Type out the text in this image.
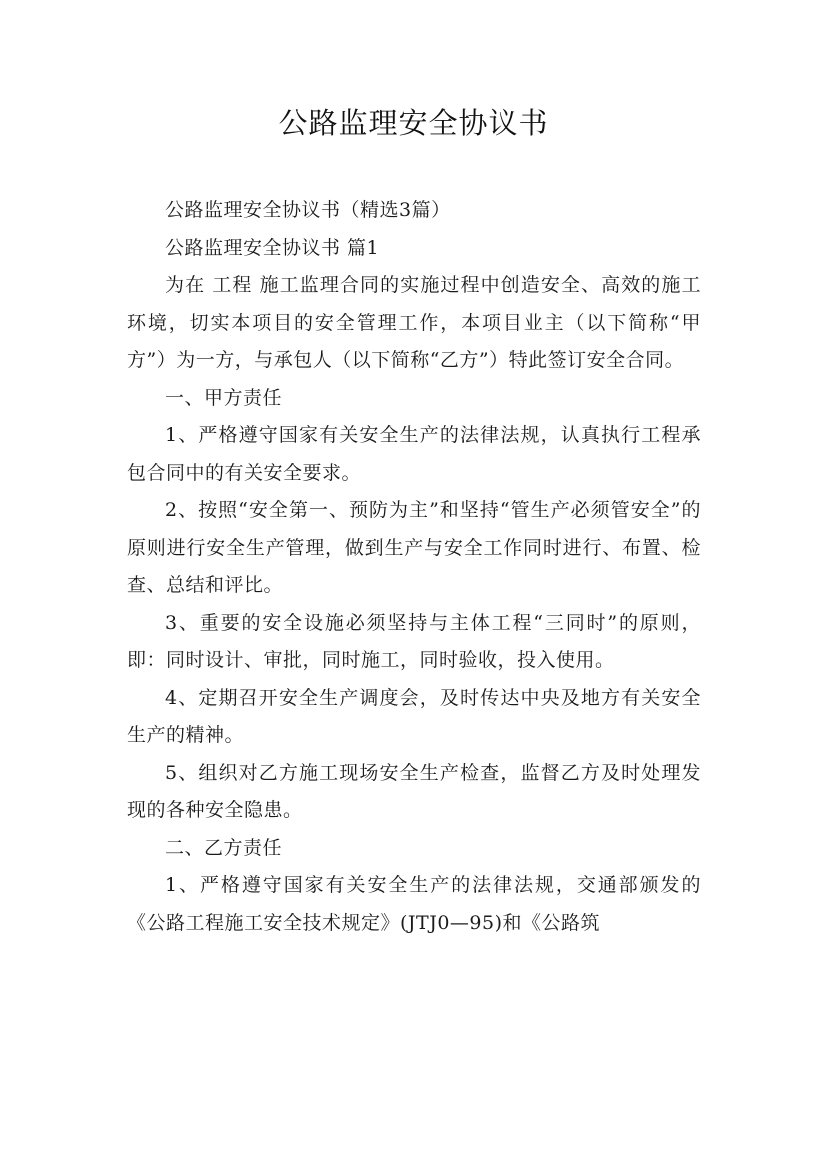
公路监理安全协议书

公路监理安全协议书（精选3篇）

公路监理安全协议书 篇1

为在 工程 施工监理合同的实施过程中创造安全、高效的施工环境，切实本项目的安全管理工作，本项目业主（以下简称“甲方”）为一方，与承包人（以下简称“乙方”）特此签订安全合同。

一、甲方责任

1、严格遵守国家有关安全生产的法律法规，认真执行工程承包合同中的有关安全要求。

2、按照“安全第一、预防为主”和坚持“管生产必须管安全”的原则进行安全生产管理，做到生产与安全工作同时进行、布置、检查、总结和评比。

3、重要的安全设施必须坚持与主体工程“三同时”的原则，即：同时设计、审批，同时施工，同时验收，投入使用。

4、定期召开安全生产调度会，及时传达中央及地方有关安全生产的精神。

5、组织对乙方施工现场安全生产检查，监督乙方及时处理发现的各种安全隐患。

二、乙方责任

1、严格遵守国家有关安全生产的法律法规，交通部颁发的《公路工程施工安全技术规定》(JTJ0—95)和《公路筑
